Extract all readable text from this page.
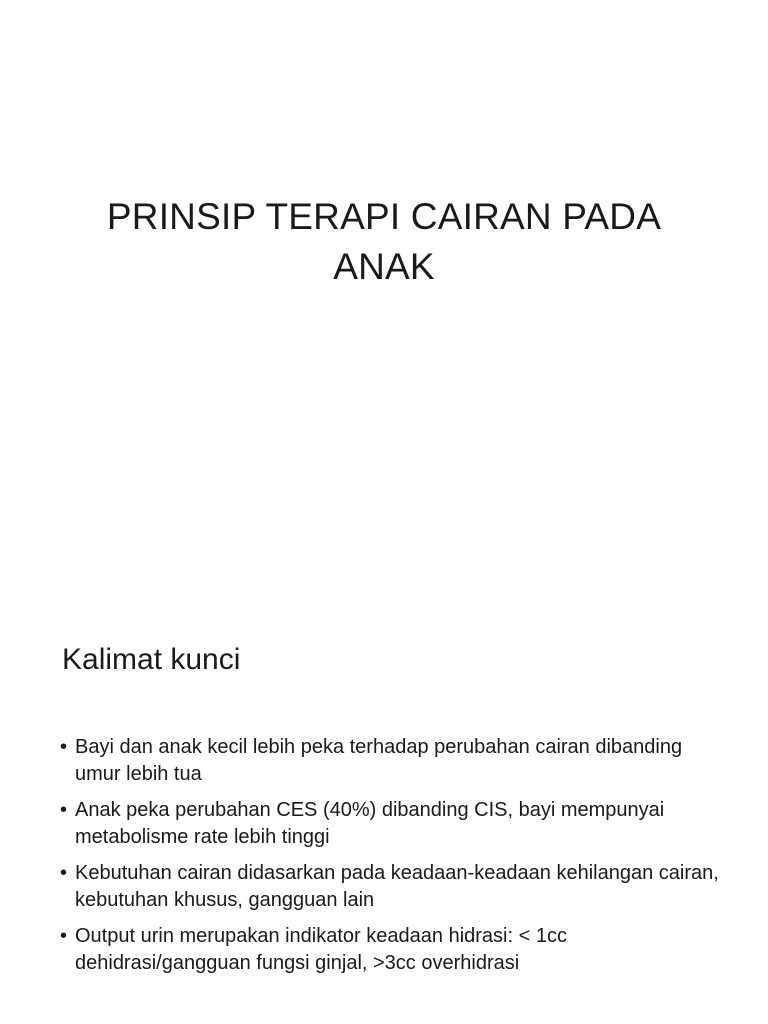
PRINSIP TERAPI CAIRAN PADA ANAK
Kalimat kunci
• Bayi dan anak kecil lebih peka terhadap perubahan cairan dibanding umur lebih tua
• Anak peka perubahan CES (40%) dibanding CIS, bayi mempunyai metabolisme rate lebih tinggi
• Kebutuhan cairan didasarkan pada keadaan-keadaan kehilangan cairan, kebutuhan khusus, gangguan lain
• Output urin merupakan indikator keadaan hidrasi: < 1cc dehidrasi/gangguan fungsi ginjal, >3cc overhidrasi
